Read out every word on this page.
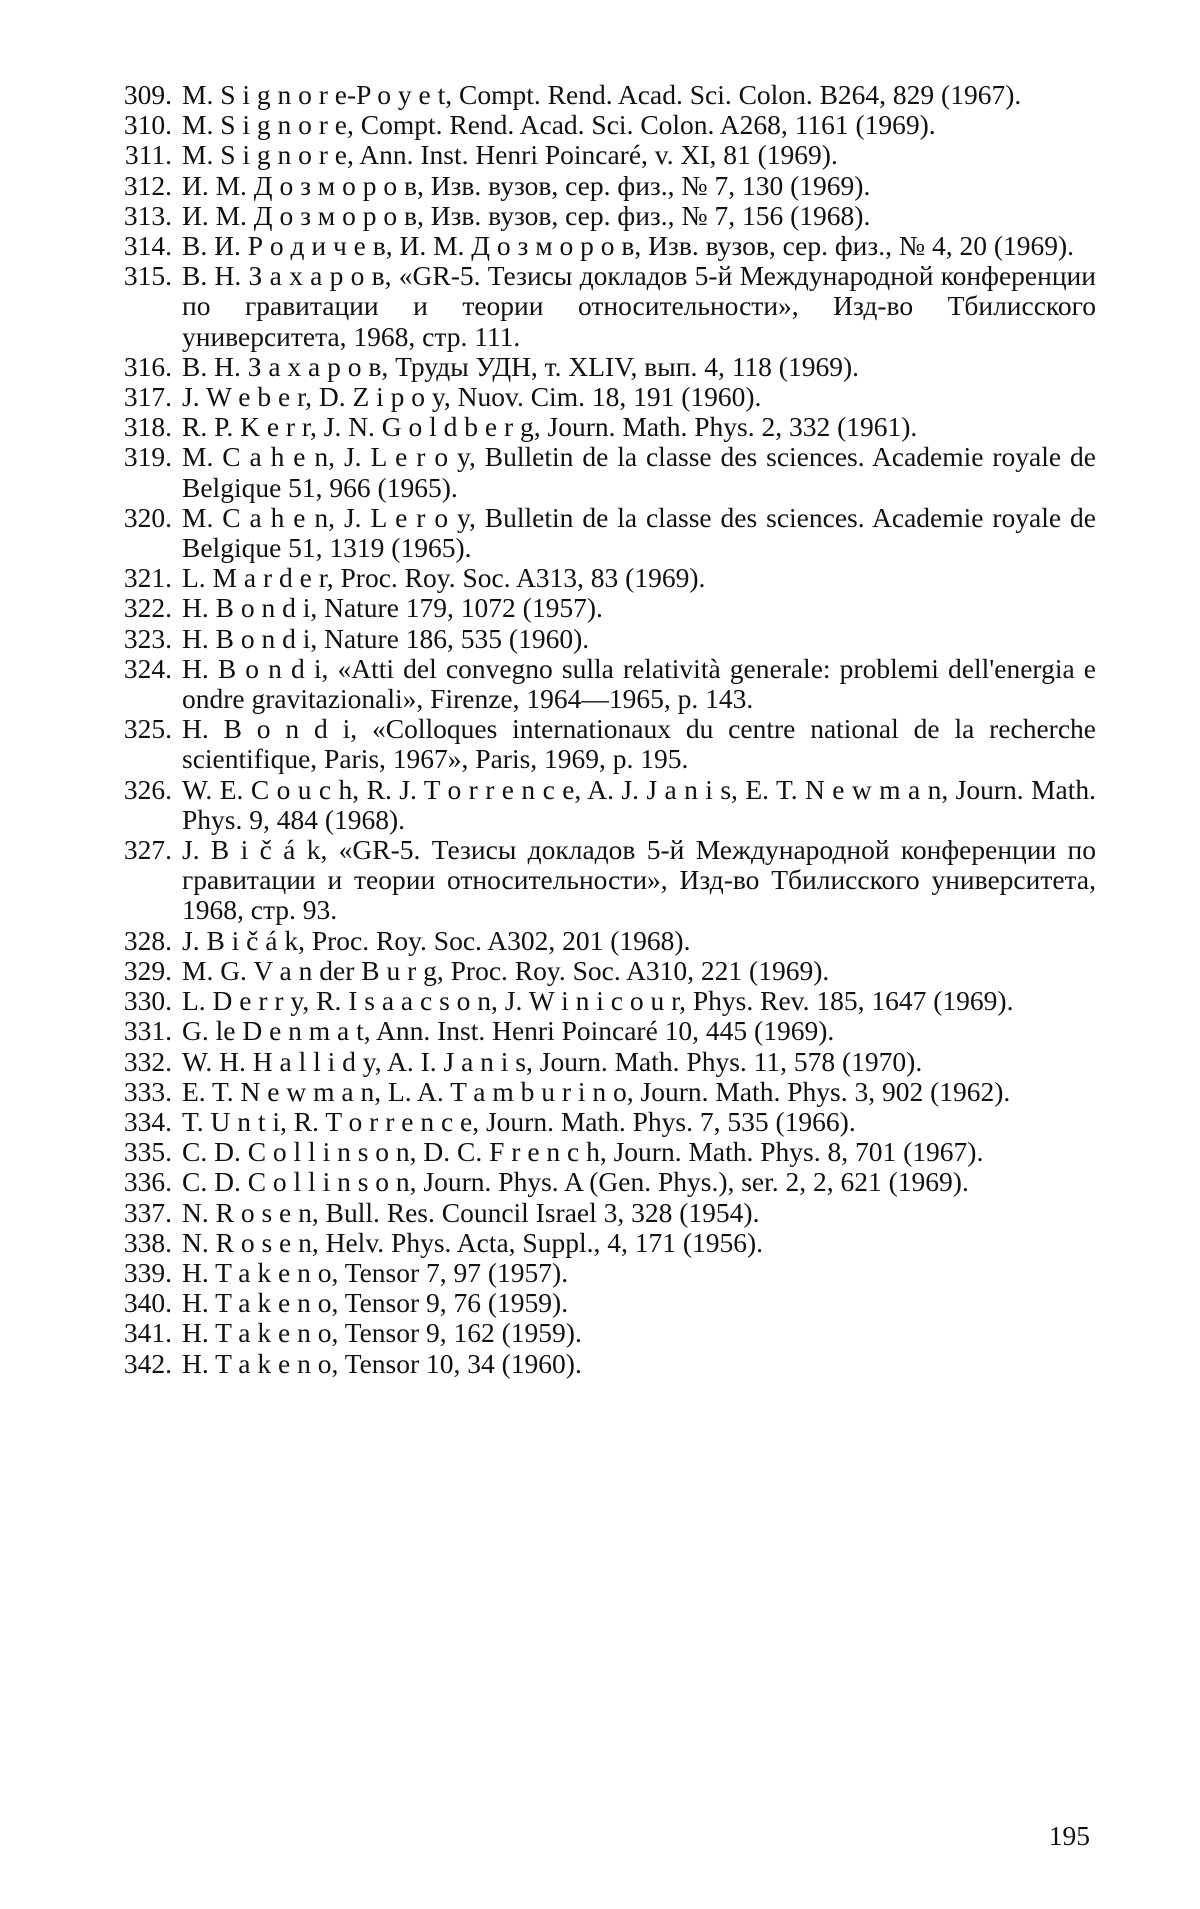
309. M. S i g n o r e-P o y e t, Compt. Rend. Acad. Sci. Colon. B264, 829 (1967).
310. M. S i g n o r e, Compt. Rend. Acad. Sci. Colon. A268, 1161 (1969).
311. M. S i g n o r e, Ann. Inst. Henri Poincaré, v. XI, 81 (1969).
312. И. М. Д о з м о р о в, Изв. вузов, сер. физ., № 7, 130 (1969).
313. И. М. Д о з м о р о в, Изв. вузов, сер. физ., № 7, 156 (1968).
314. В. И. Р о д и ч е в, И. М. Д о з м о р о в, Изв. вузов, сер. физ., № 4, 20 (1969).
315. В. Н. З а х а р о в, «GR-5. Тезисы докладов 5-й Международной конференции по гравитации и теории относительности», Изд-во Тбилисского университета, 1968, стр. 111.
316. В. Н. З а х а р о в, Труды УДН, т. XLIV, вып. 4, 118 (1969).
317. J. W e b e r, D. Z i p o y, Nuov. Cim. 18, 191 (1960).
318. R. P. K e r r, J. N. G o l d b e r g, Journ. Math. Phys. 2, 332 (1961).
319. M. C a h e n, J. L e r o y, Bulletin de la classe des sciences. Academie royale de Belgique 51, 966 (1965).
320. M. C a h e n, J. L e r o y, Bulletin de la classe des sciences. Academie royale de Belgique 51, 1319 (1965).
321. L. M a r d e r, Proc. Roy. Soc. A313, 83 (1969).
322. H. B o n d i, Nature 179, 1072 (1957).
323. H. B o n d i, Nature 186, 535 (1960).
324. H. B o n d i, «Atti del convegno sulla relatività generale: problemi dell'energia e ondre gravitazionali», Firenze, 1964—1965, p. 143.
325. H. B o n d i, «Colloques internationaux du centre national de la recherche scientifique, Paris, 1967», Paris, 1969, p. 195.
326. W. E. C o u c h, R. J. T o r r e n c e, A. J. J a n i s, E. T. N e w m a n, Journ. Math. Phys. 9, 484 (1968).
327. J. B i č á k, «GR-5. Тезисы докладов 5-й Международной конференции по гравитации и теории относительности», Изд-во Тбилисского университета, 1968, стр. 93.
328. J. B i č á k, Proc. Roy. Soc. A302, 201 (1968).
329. M. G. V a n der B u r g, Proc. Roy. Soc. A310, 221 (1969).
330. L. D e r r y, R. I s a a c s o n, J. W i n i c o u r, Phys. Rev. 185, 1647 (1969).
331. G. le D e n m a t, Ann. Inst. Henri Poincaré 10, 445 (1969).
332. W. H. H a l l i d y, A. I. J a n i s, Journ. Math. Phys. 11, 578 (1970).
333. E. T. N e w m a n, L. A. T a m b u r i n o, Journ. Math. Phys. 3, 902 (1962).
334. T. U n t i, R. T o r r e n c e, Journ. Math. Phys. 7, 535 (1966).
335. C. D. C o l l i n s o n, D. C. F r e n c h, Journ. Math. Phys. 8, 701 (1967).
336. C. D. C o l l i n s o n, Journ. Phys. A (Gen. Phys.), ser. 2, 2, 621 (1969).
337. N. R o s e n, Bull. Res. Council Israel 3, 328 (1954).
338. N. R o s e n, Helv. Phys. Acta, Suppl., 4, 171 (1956).
339. H. T a k e n o, Tensor 7, 97 (1957).
340. H. T a k e n o, Tensor 9, 76 (1959).
341. H. T a k e n o, Tensor 9, 162 (1959).
342. H. T a k e n o, Tensor 10, 34 (1960).
195
